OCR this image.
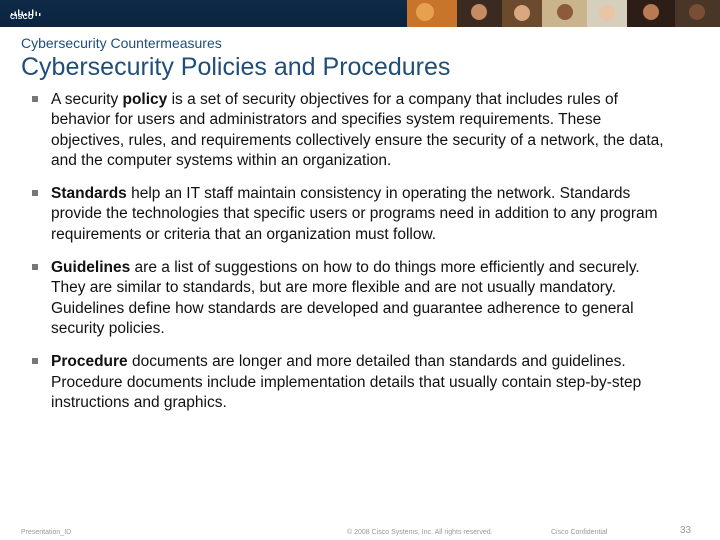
CISCO
Cybersecurity Countermeasures
Cybersecurity Policies and Procedures
A security policy is a set of security objectives for a company that includes rules of behavior for users and administrators and specifies system requirements. These objectives, rules, and requirements collectively ensure the security of a network, the data, and the computer systems within an organization.
Standards help an IT staff maintain consistency in operating the network. Standards provide the technologies that specific users or programs need in addition to any program requirements or criteria that an organization must follow.
Guidelines are a list of suggestions on how to do things more efficiently and securely. They are similar to standards, but are more flexible and are not usually mandatory. Guidelines define how standards are developed and guarantee adherence to general security policies.
Procedure documents are longer and more detailed than standards and guidelines. Procedure documents include implementation details that usually contain step-by-step instructions and graphics.
Presentation_ID	© 2008 Cisco Systems, Inc. All rights reserved.	Cisco Confidential	33
